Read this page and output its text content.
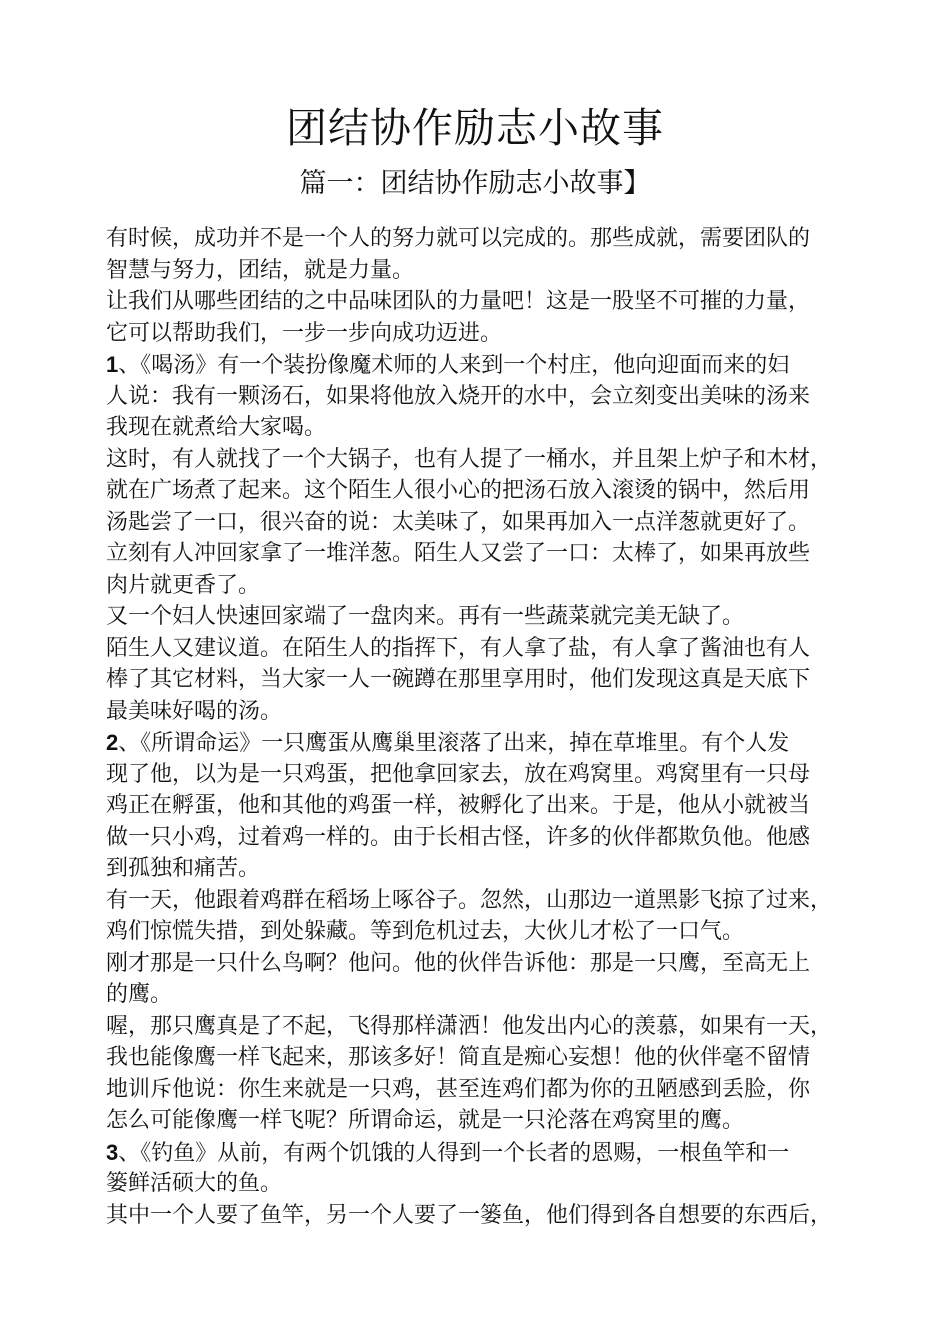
团结协作励志小故事
篇一：团结协作励志小故事】
有时候，成功并不是一个人的努力就可以完成的。那些成就，需要团队的
智慧与努力，团结，就是力量。
让我们从哪些团结的之中品味团队的力量吧！这是一股坚不可摧的力量，
它可以帮助我们，一步一步向成功迈进。
1、《喝汤》有一个装扮像魔术师的人来到一个村庄，他向迎面而来的妇
人说：我有一颗汤石，如果将他放入烧开的水中，会立刻变出美味的汤来
我现在就煮给大家喝。
这时，有人就找了一个大锅子，也有人提了一桶水，并且架上炉子和木材，
就在广场煮了起来。这个陌生人很小心的把汤石放入滚烫的锅中，然后用
汤匙尝了一口，很兴奋的说：太美味了，如果再加入一点洋葱就更好了。
立刻有人冲回家拿了一堆洋葱。陌生人又尝了一口：太棒了，如果再放些
肉片就更香了。
又一个妇人快速回家端了一盘肉来。再有一些蔬菜就完美无缺了。
陌生人又建议道。在陌生人的指挥下，有人拿了盐，有人拿了酱油也有人
棒了其它材料，当大家一人一碗蹲在那里享用时，他们发现这真是天底下
最美味好喝的汤。
2、《所谓命运》一只鹰蛋从鹰巢里滚落了出来，掉在草堆里。有个人发
现了他，以为是一只鸡蛋，把他拿回家去，放在鸡窝里。鸡窝里有一只母
鸡正在孵蛋，他和其他的鸡蛋一样，被孵化了出来。于是，他从小就被当
做一只小鸡，过着鸡一样的。由于长相古怪，许多的伙伴都欺负他。他感
到孤独和痛苦。
有一天，他跟着鸡群在稻场上啄谷子。忽然，山那边一道黑影飞掠了过来，
鸡们惊慌失措，到处躲藏。等到危机过去，大伙儿才松了一口气。
刚才那是一只什么鸟啊？他问。他的伙伴告诉他：那是一只鹰，至高无上
的鹰。
喔，那只鹰真是了不起，飞得那样潇洒！他发出内心的羡慕，如果有一天，
我也能像鹰一样飞起来，那该多好！简直是痴心妄想！他的伙伴毫不留情
地训斥他说：你生来就是一只鸡，甚至连鸡们都为你的丑陋感到丢脸，你
怎么可能像鹰一样飞呢？所谓命运，就是一只沦落在鸡窝里的鹰。
3、《钓鱼》从前，有两个饥饿的人得到一个长者的恩赐，一根鱼竿和一
篓鲜活硕大的鱼。
其中一个人要了鱼竿，另一个人要了一篓鱼，他们得到各自想要的东西后，
